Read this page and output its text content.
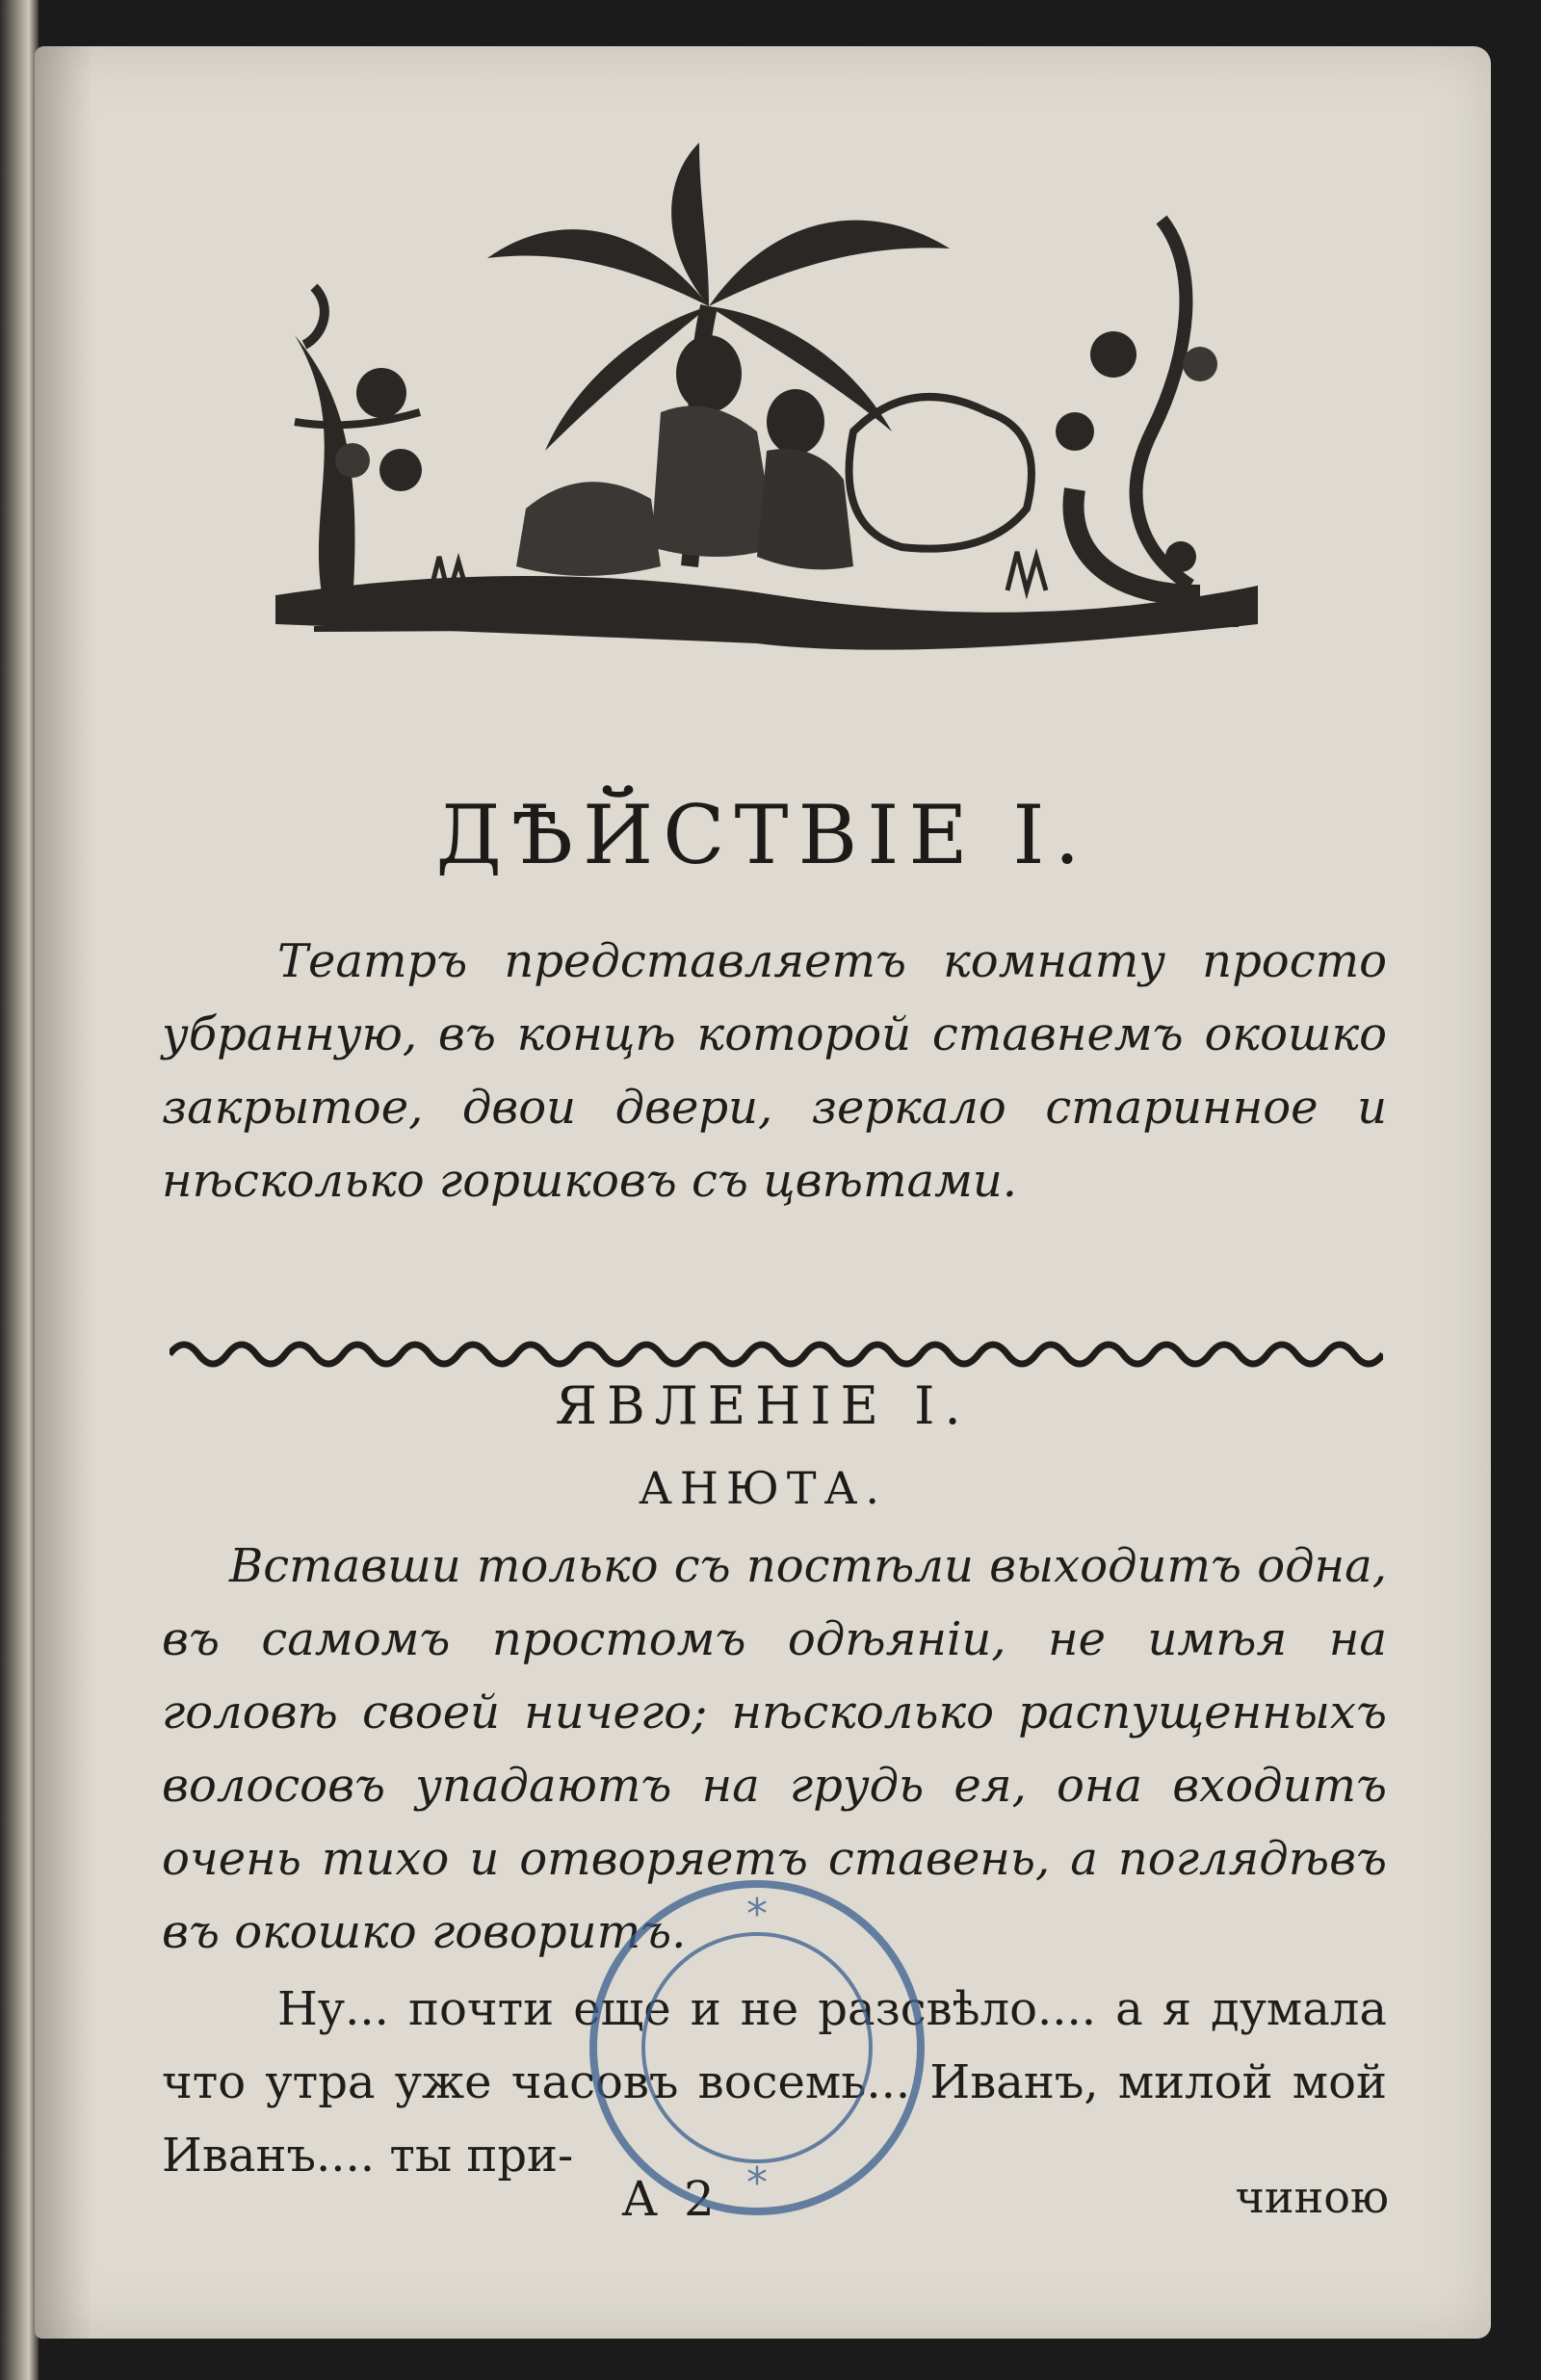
ДѢЙСТВІЕ I.
Театръ представляетъ комнату просто убранную, въ концѣ которой ставнемъ окошко закрытое, двои двери, зеркало старинное и нѣсколько горшковъ съ цвѣтами.
ЯВЛЕНІЕ I.
АНЮТА.
Вставши только съ постѣли выходитъ одна, въ самомъ простомъ одѣяніи, не имѣя на головѣ своей ничего; нѣсколько распущенныхъ волосовъ упадаютъ на грудь ея, она входитъ очень тихо и отворяетъ ставень, а поглядѣвъ въ окошко говоритъ.
Ну... почти еще и не разсвѣло.... а я думала что утра уже часовъ восемь... Иванъ, милой мой Иванъ.... ты при-
A 2	чиною
*
*
